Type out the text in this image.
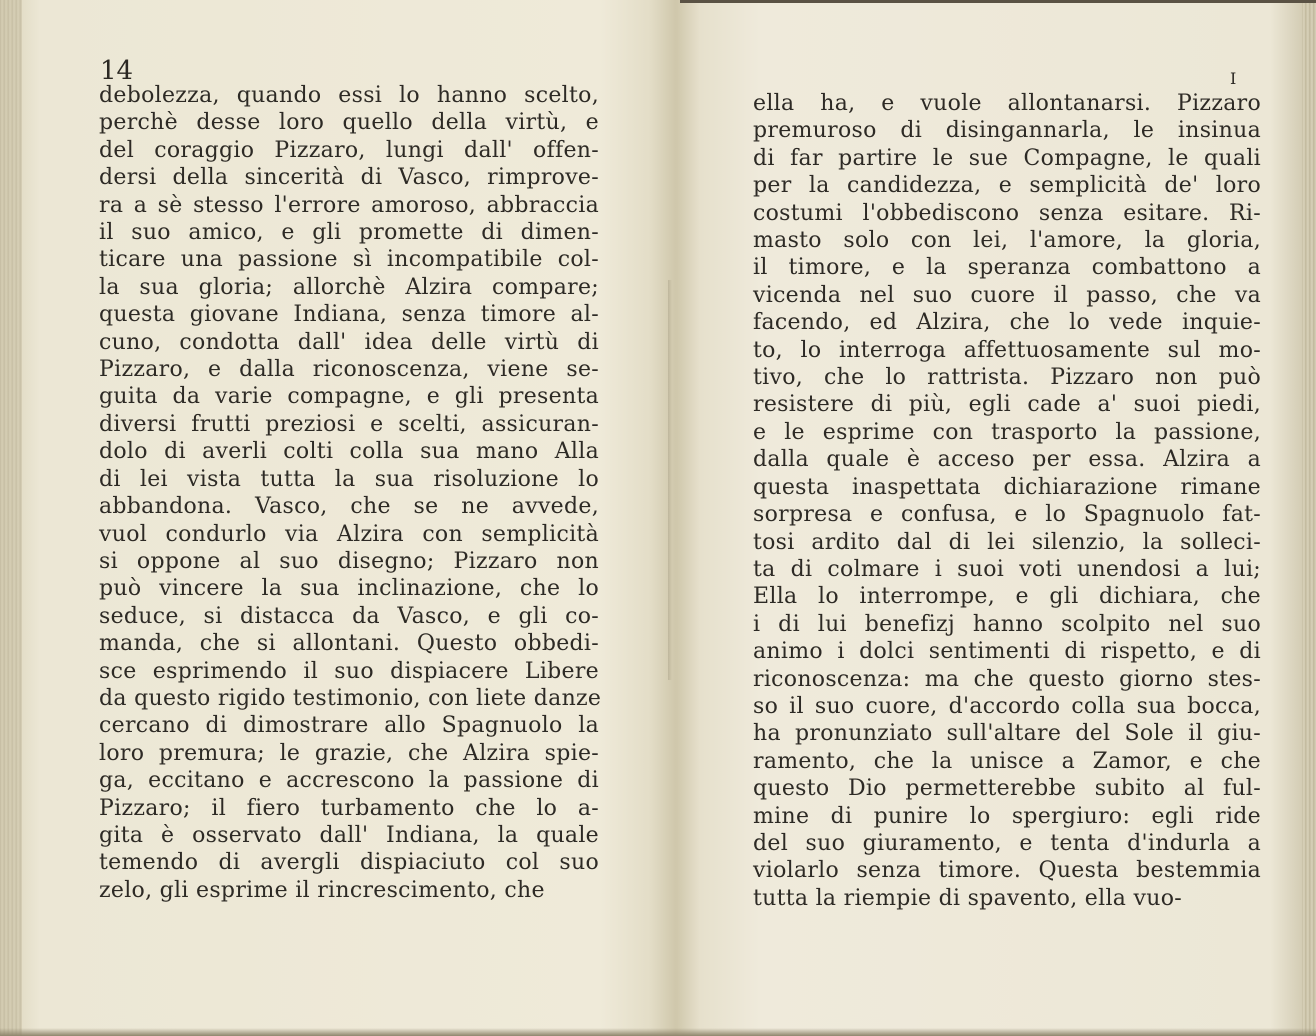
14	I
debolezza, quando essi lo hanno scelto,
perchè desse loro quello della virtù, e
del coraggio Pizzaro, lungi dall' offen-
dersi della sincerità di Vasco, rimprove-
ra a sè stesso l'errore amoroso, abbraccia
il suo amico, e gli promette di dimen-
ticare una passione sì incompatibile col-
la sua gloria; allorchè Alzira compare;
questa giovane Indiana, senza timore al-
cuno, condotta dall' idea delle virtù di
Pizzaro, e dalla riconoscenza, viene se-
guita da varie compagne, e gli presenta
diversi frutti preziosi e scelti, assicuran-
dolo di averli colti colla sua mano Alla
di lei vista tutta la sua risoluzione lo
abbandona. Vasco, che se ne avvede,
vuol condurlo via Alzira con semplicità
si oppone al suo disegno; Pizzaro non
può vincere la sua inclinazione, che lo
seduce, si distacca da Vasco, e gli co-
manda, che si allontani. Questo obbedi-
sce esprimendo il suo dispiacere Libere
da questo rigido testimonio, con liete danze
cercano di dimostrare allo Spagnuolo la
loro premura; le grazie, che Alzira spie-
ga, eccitano e accrescono la passione di
Pizzaro; il fiero turbamento che lo a-
gita è osservato dall' Indiana, la quale
temendo di avergli dispiaciuto col suo
zelo, gli esprime il rincrescimento, che
ella ha, e vuole allontanarsi. Pizzaro
premuroso di disingannarla, le insinua
di far partire le sue Compagne, le quali
per la candidezza, e semplicità de' loro
costumi l'obbediscono senza esitare. Ri-
masto solo con lei, l'amore, la gloria,
il timore, e la speranza combattono a
vicenda nel suo cuore il passo, che va
facendo, ed Alzira, che lo vede inquie-
to, lo interroga affettuosamente sul mo-
tivo, che lo rattrista. Pizzaro non può
resistere di più, egli cade a' suoi piedi,
e le esprime con trasporto la passione,
dalla quale è acceso per essa. Alzira a
questa inaspettata dichiarazione rimane
sorpresa e confusa, e lo Spagnuolo fat-
tosi ardito dal di lei silenzio, la solleci-
ta di colmare i suoi voti unendosi a lui;
Ella lo interrompe, e gli dichiara, che
i di lui benefizj hanno scolpito nel suo
animo i dolci sentimenti di rispetto, e di
riconoscenza: ma che questo giorno stes-
so il suo cuore, d'accordo colla sua bocca,
ha pronunziato sull'altare del Sole il giu-
ramento, che la unisce a Zamor, e che
questo Dio permetterebbe subito al ful-
mine di punire lo spergiuro: egli ride
del suo giuramento, e tenta d'indurla a
violarlo senza timore. Questa bestemmia
tutta la riempie di spavento, ella vuo-
